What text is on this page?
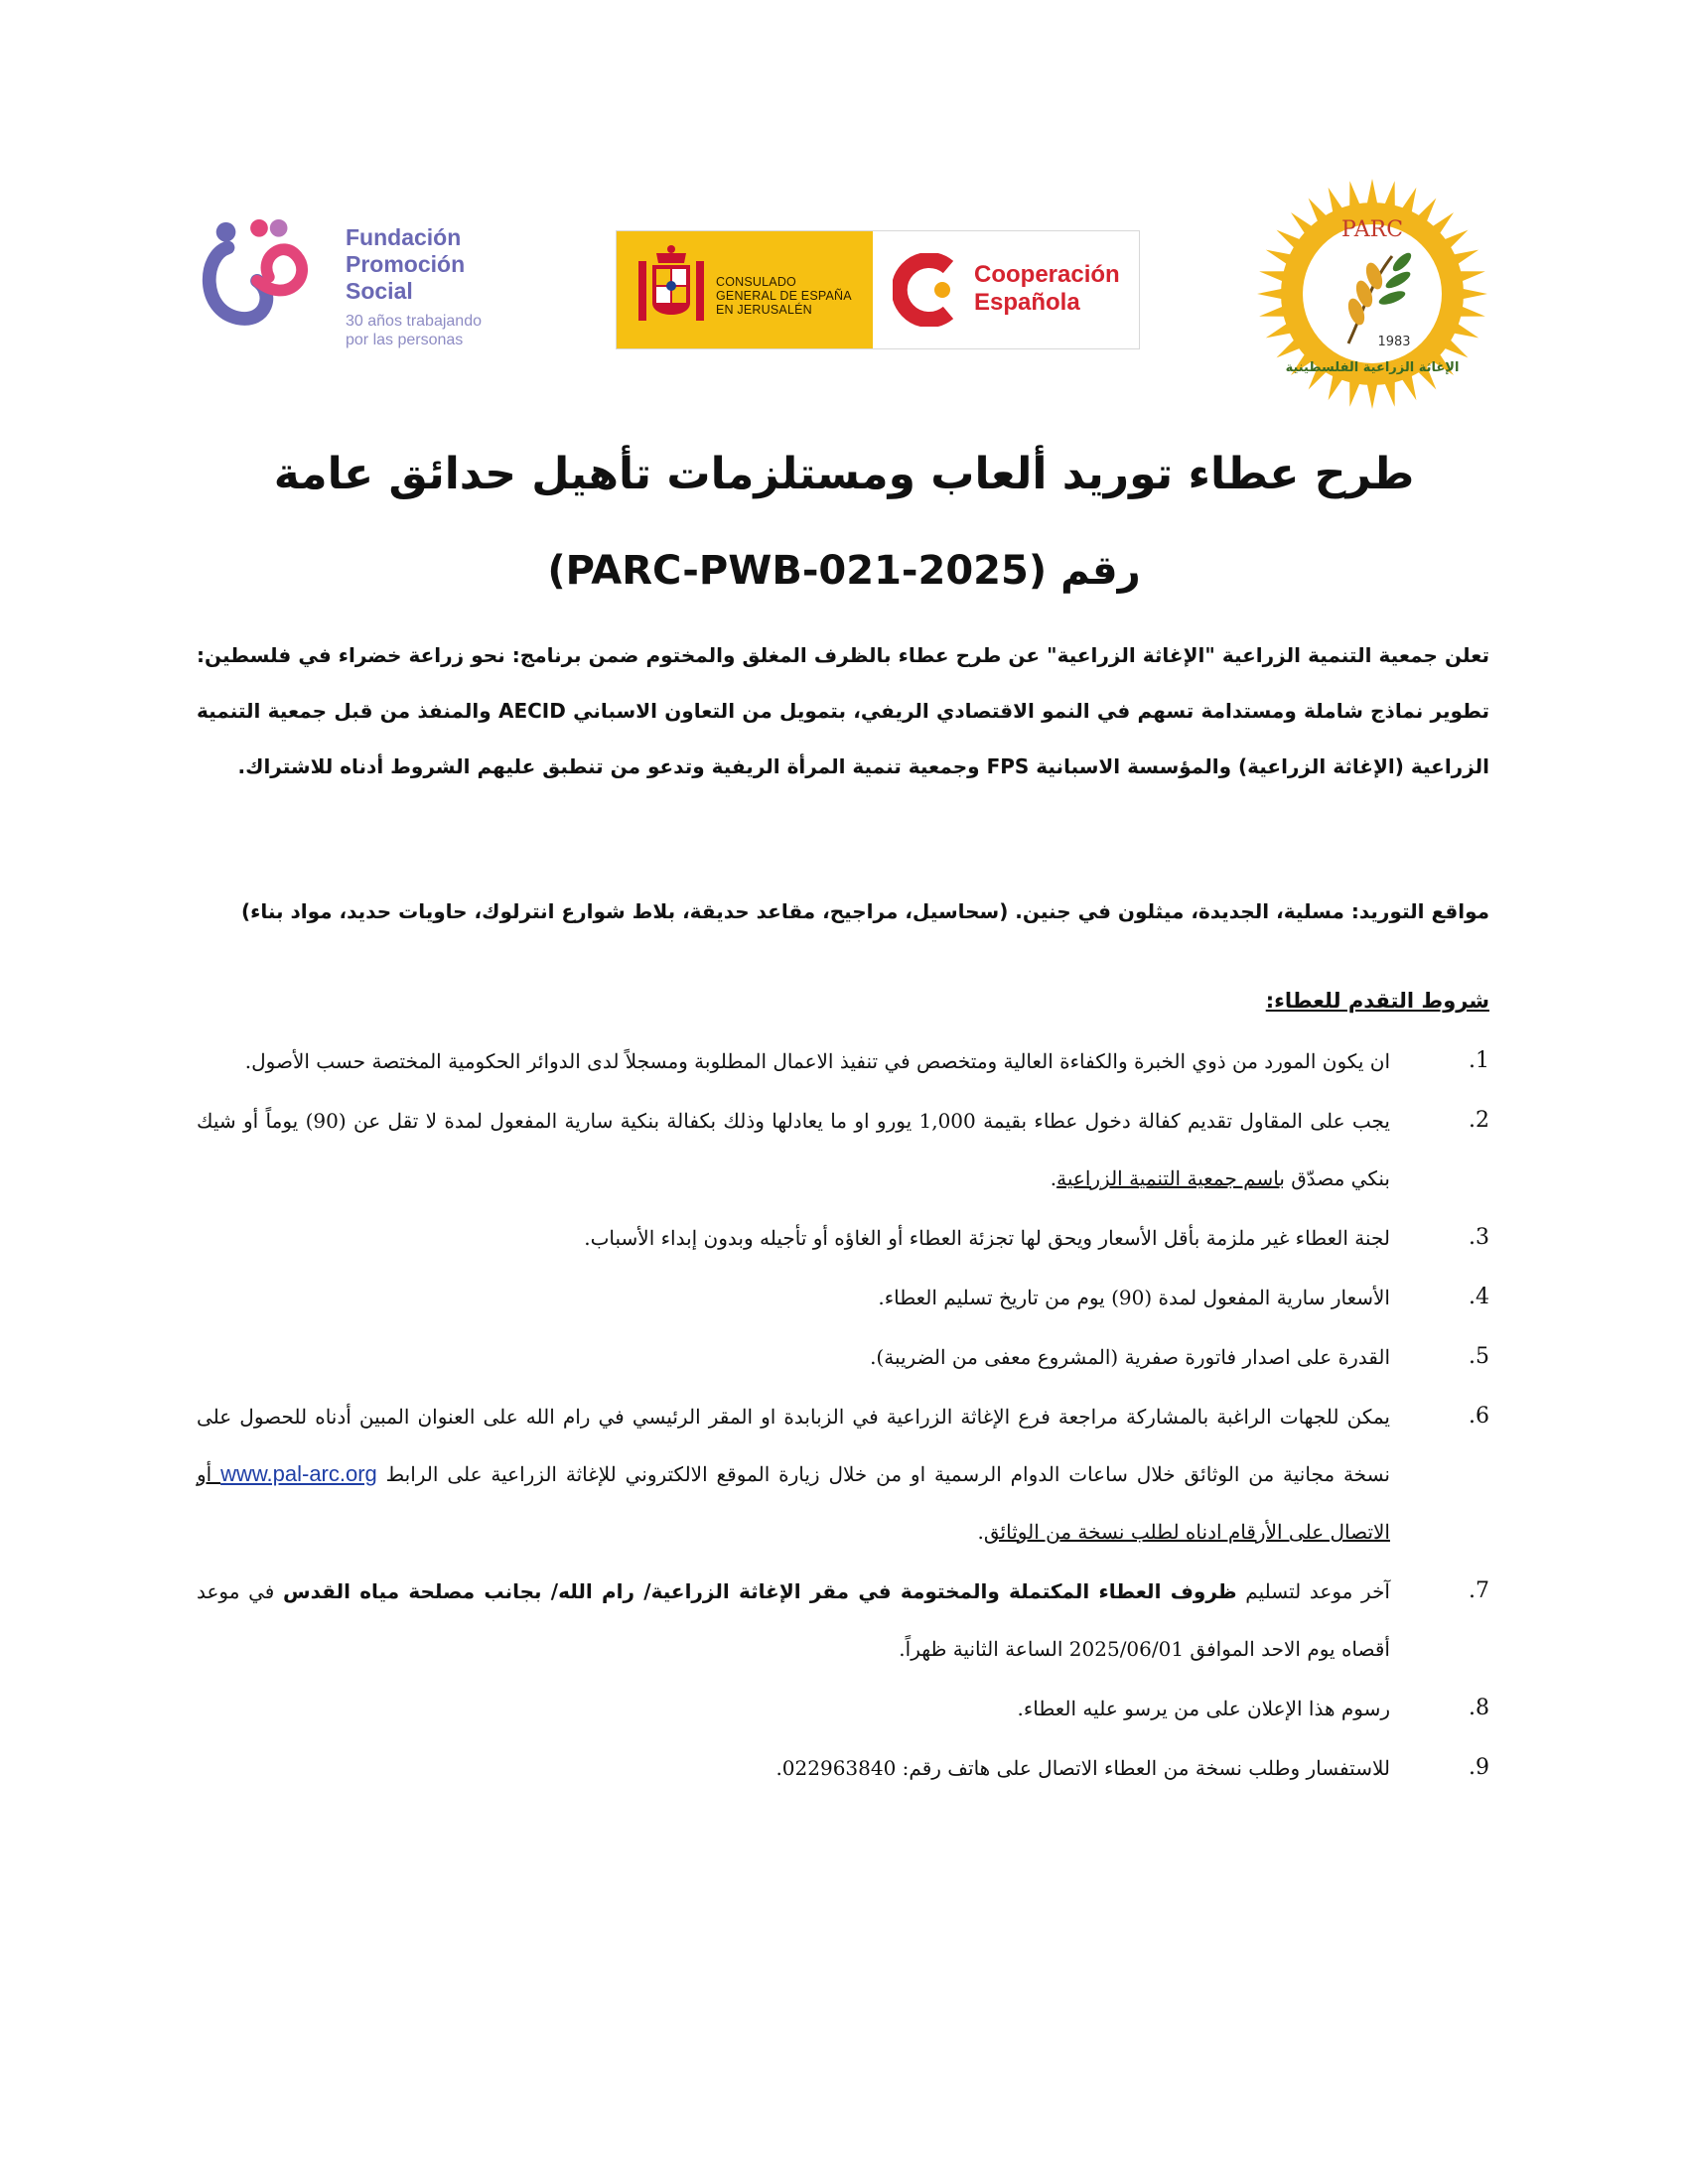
Fundación
Promoción
Social
30 años trabajando
por las personas
CONSULADO
GENERAL DE ESPAÑA
EN JERUSALÉN
Cooperación
Española
PARC
1983
الإغاثة الزراعية الفلسطينية
طرح عطاء توريد ألعاب ومستلزمات تأهيل حدائق عامة
رقم (PARC-PWB-021-2025)

تعلن جمعية التنمية الزراعية "الإغاثة الزراعية" عن طرح عطاء بالظرف المغلق والمختوم ضمن برنامج: نحو زراعة خضراء في فلسطين: تطوير نماذج شاملة ومستدامة تسهم في النمو الاقتصادي الريفي، بتمويل من التعاون الاسباني AECID والمنفذ من قبل جمعية التنمية الزراعية (الإغاثة الزراعية) والمؤسسة الاسبانية FPS وجمعية تنمية المرأة الريفية وتدعو من تنطبق عليهم الشروط أدناه للاشتراك.

مواقع التوريد: مسلية، الجديدة، ميثلون في جنين. (سحاسيل، مراجيح، مقاعد حديقة، بلاط شوارع انترلوك، حاويات حديد، مواد بناء)

شروط التقدم للعطاء:

1.
ان يكون المورد من ذوي الخبرة والكفاءة العالية ومتخصص في تنفيذ الاعمال المطلوبة ومسجلاً لدى الدوائر الحكومية المختصة حسب الأصول.
2.
يجب على المقاول تقديم كفالة دخول عطاء بقيمة 1,000 يورو او ما يعادلها وذلك بكفالة بنكية سارية المفعول لمدة لا تقل عن (90) يوماً أو شيك بنكي مصدّق باسم جمعية التنمية الزراعية.
3.
لجنة العطاء غير ملزمة بأقل الأسعار ويحق لها تجزئة العطاء أو الغاؤه أو تأجيله وبدون إبداء الأسباب.
4.
الأسعار سارية المفعول لمدة (90) يوم من تاريخ تسليم العطاء.
5.
القدرة على اصدار فاتورة صفرية (المشروع معفى من الضريبة).
6.
يمكن للجهات الراغبة بالمشاركة مراجعة فرع الإغاثة الزراعية في الزبابدة او المقر الرئيسي في رام الله على العنوان المبين أدناه للحصول على نسخة مجانية من الوثائق خلال ساعات الدوام الرسمية او من خلال زيارة الموقع الالكتروني للإغاثة الزراعية على الرابط www.pal-arc.org أو الاتصال على الأرقام ادناه لطلب نسخة من الوثائق.
7.
آخر موعد لتسليم ظروف العطاء المكتملة والمختومة في مقر الإغاثة الزراعية/ رام الله/ بجانب مصلحة مياه القدس في موعد أقصاه يوم الاحد الموافق 2025/06/01 الساعة الثانية ظهراً.
8.
رسوم هذا الإعلان على من يرسو عليه العطاء.
9.
للاستفسار وطلب نسخة من العطاء الاتصال على هاتف رقم: 022963840.
